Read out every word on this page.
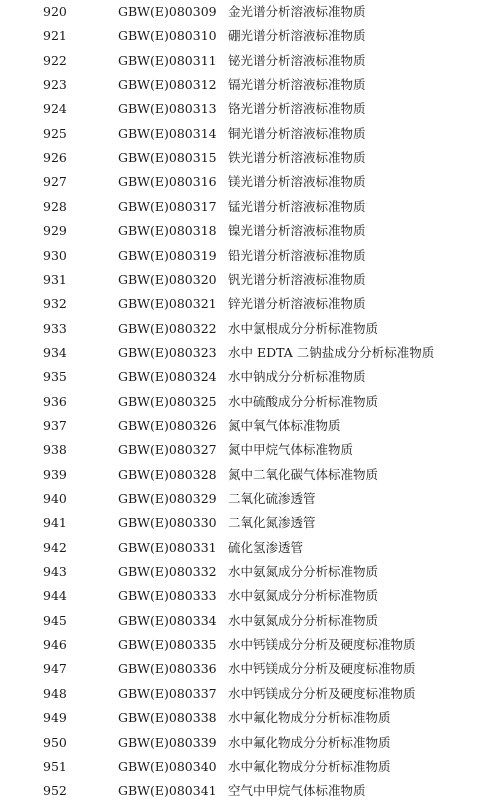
920	GBW(E)080309 金光谱分析溶液标准物质
921	GBW(E)080310 硼光谱分析溶液标准物质
922	GBW(E)080311 铋光谱分析溶液标准物质
923	GBW(E)080312 镉光谱分析溶液标准物质
924	GBW(E)080313 铬光谱分析溶液标准物质
925	GBW(E)080314 铜光谱分析溶液标准物质
926	GBW(E)080315 铁光谱分析溶液标准物质
927	GBW(E)080316 镁光谱分析溶液标准物质
928	GBW(E)080317 锰光谱分析溶液标准物质
929	GBW(E)080318 镍光谱分析溶液标准物质
930	GBW(E)080319 铅光谱分析溶液标准物质
931	GBW(E)080320 钒光谱分析溶液标准物质
932	GBW(E)080321 锌光谱分析溶液标准物质
933	GBW(E)080322 水中氯根成分分析标准物质
934	GBW(E)080323 水中 EDTA 二钠盐成分分析标准物质
935	GBW(E)080324 水中钠成分分析标准物质
936	GBW(E)080325 水中硫酸成分分析标准物质
937	GBW(E)080326 氮中氧气体标准物质
938	GBW(E)080327 氮中甲烷气体标准物质
939	GBW(E)080328 氮中二氧化碳气体标准物质
940	GBW(E)080329 二氧化硫渗透管
941	GBW(E)080330 二氧化氮渗透管
942	GBW(E)080331 硫化氢渗透管
943	GBW(E)080332 水中氨氮成分分析标准物质
944	GBW(E)080333 水中氨氮成分分析标准物质
945	GBW(E)080334 水中氨氮成分分析标准物质
946	GBW(E)080335 水中钙镁成分分析及硬度标准物质
947	GBW(E)080336 水中钙镁成分分析及硬度标准物质
948	GBW(E)080337 水中钙镁成分分析及硬度标准物质
949	GBW(E)080338 水中氟化物成分分析标准物质
950	GBW(E)080339 水中氟化物成分分析标准物质
951	GBW(E)080340 水中氟化物成分分析标准物质
952	GBW(E)080341 空气中甲烷气体标准物质
